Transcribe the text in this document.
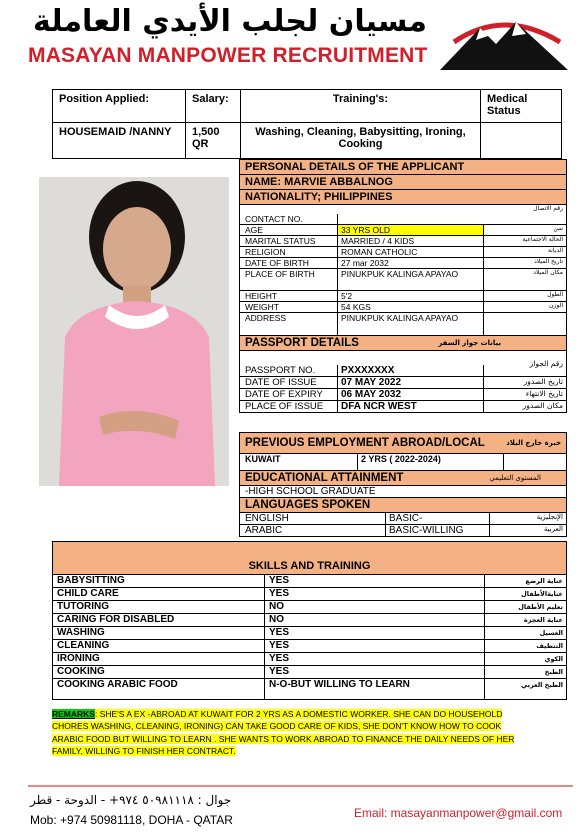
مسيان لجلب الأيدي العاملة
MASAYAN MANPOWER RECRUITMENT
Position Applied:	Salary:	Training's:	Medical Status
HOUSEMAID /NANNY	1,500 QR	Washing, Cleaning, Babysitting, Ironing, Cooking	
PERSONAL DETAILS OF THE APPLICANT
NAME: MARVIE ABBALNOG
NATIONALITY; PHILIPPINES
CONTACT NO.
رقم الاتصال
AGE	33 YRS OLD	سن
MARITAL STATUS	MARRIED / 4 KIDS	الحالة الاجتماعية
RELIGION	ROMAN CATHOLIC	الديانة
DATE OF BIRTH	27 mar 2032	تاريخ الميلاد
PLACE OF BIRTH	PINUKPUK KALINGA APAYAO	مكان الميلاد
HEIGHT	5'2	الطول
WEIGHT	54 KGS	الوزن
ADDRESS	PINUKPUK KALINGA APAYAO
PASSPORT DETAILS	بيانات جواز السفر
PASSPORT NO.	PXXXXXXX
رقم الجواز
DATE OF ISSUE	07 MAY 2022	تاريخ الصدور
DATE OF EXPIRY	06 MAY 2032	تاريخ الانتهاء
PLACE OF ISSUE	DFA NCR WEST	مكان الصدور
PREVIOUS EMPLOYMENT ABROAD/LOCAL	خبرة خارج البلاد
KUWAIT	2 YRS ( 2022-2024)
EDUCATIONAL ATTAINMENT	المستوى التعليمي
-HIGH SCHOOL GRADUATE
LANGUAGES SPOKEN
ENGLISH	BASIC-	الإنجليزية
ARABIC	BASIC-WILLING	العربية
SKILLS AND TRAINING
BABYSITTING	YES	عناية الرضع
CHILD CARE	YES	عنايةالأطفال
TUTORING	NO	تعليم الأطفال
CARING FOR DISABLED	NO	عناية العجزة
WASHING	YES	الغسيل
CLEANING	YES	التنظيف
IRONING	YES	الكوي
COOKING	YES	الطبخ
COOKING ARABIC FOOD	N-O-BUT WILLING TO LEARN	الطبخ العربي
REMARKS: SHE'S A EX -ABROAD AT KUWAIT FOR 2 YRS AS A DOMESTIC WORKER. SHE CAN DO HOUSEHOLD CHORES WASHING, CLEANING, IRONING) CAN TAKE GOOD CARE OF KIDS, SHE DON'T KNOW HOW TO COOK ARABIC FOOD BUT WILLING TO LEARN . SHE WANTS TO WORK ABROAD TO FINANCE THE DAILY NEEDS OF HER FAMILY, WILLING TO FINISH HER CONTRACT.
جوال : ٥٠٩٨١١١٨ ٩٧٤+ - الدوحة - قطر
Mob: +974 50981118, DOHA - QATAR	Email: masayanmanpower@gmail.com
